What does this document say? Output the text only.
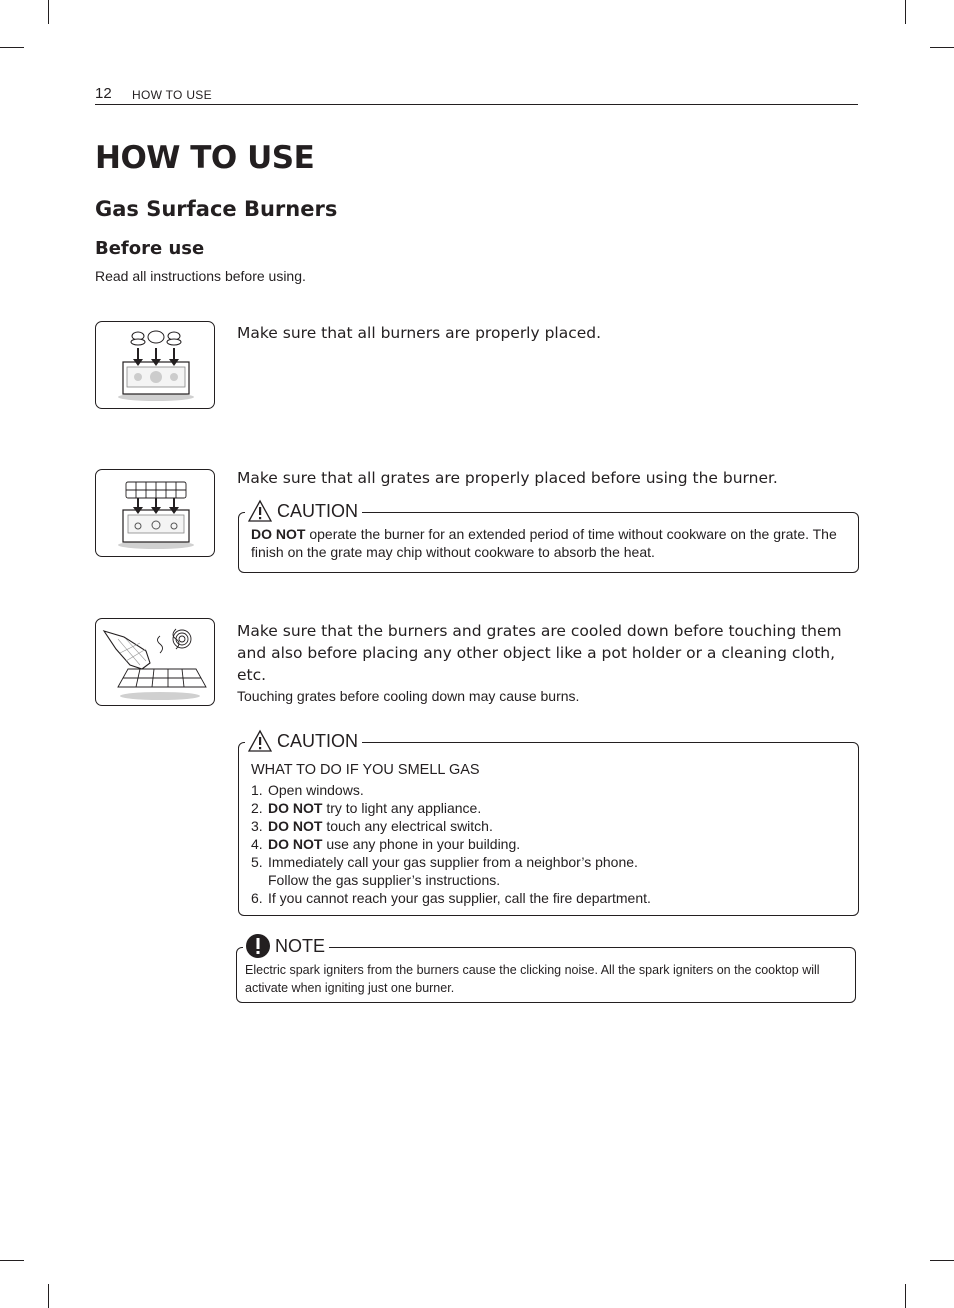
12 HOW TO USE
HOW TO USE
Gas Surface Burners
Before use
Read all instructions before using.

Make sure that all burners are properly placed.

Make sure that all grates are properly placed before using the burner.

CAUTION
DO NOT operate the burner for an extended period of time without cookware on the grate. The finish on the grate may chip without cookware to absorb the heat.

Make sure that the burners and grates are cooled down before touching them and also before placing any other object like a pot holder or a cleaning cloth, etc.

Touching grates before cooling down may cause burns.
CAUTION
WHAT TO DO IF YOU SMELL GAS
1. Open windows.
2. DO NOT try to light any appliance.
3. DO NOT touch any electrical switch.
4. DO NOT use any phone in your building.
5. Immediately call your gas supplier from a neighbor’s phone.
Follow the gas supplier’s instructions.
6. If you cannot reach your gas supplier, call the fire department.
NOTE
Electric spark igniters from the burners cause the clicking noise. All the spark igniters on the cooktop will activate when igniting just one burner.
